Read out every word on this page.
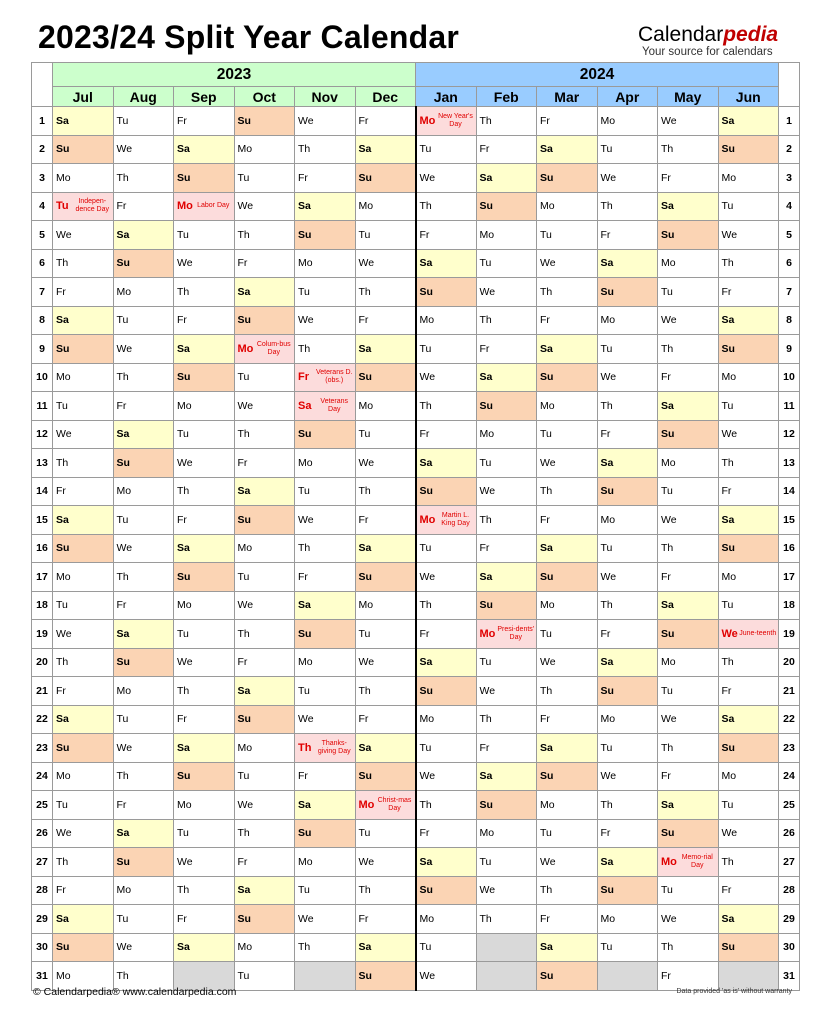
2023/24 Split Year Calendar	Calendarpedia
Your source for calendars
	2023						2024						
	Jul	Aug	Sep	Oct	Nov	Dec	Jan	Feb	Mar	Apr	May	Jun	
1	Sa	Tu	Fr	Su	We	Fr	Mo New Year's Day	Th	Fr	Mo	We	Sa	1
2	Su	We	Sa	Mo	Th	Sa	Tu	Fr	Sa	Tu	Th	Su	2
3	Mo	Th	Su	Tu	Fr	Su	We	Sa	Su	We	Fr	Mo	3
4	Tu Indepen-dence Day	Fr	Mo Labor Day	We	Sa	Mo	Th	Su	Mo	Th	Sa	Tu	4
5	We	Sa	Tu	Th	Su	Tu	Fr	Mo	Tu	Fr	Su	We	5
6	Th	Su	We	Fr	Mo	We	Sa	Tu	We	Sa	Mo	Th	6
7	Fr	Mo	Th	Sa	Tu	Th	Su	We	Th	Su	Tu	Fr	7
8	Sa	Tu	Fr	Su	We	Fr	Mo	Th	Fr	Mo	We	Sa	8
9	Su	We	Sa	Mo Colum-bus Day	Th	Sa	Tu	Fr	Sa	Tu	Th	Su	9
10	Mo	Th	Su	Tu	Fr Veterans D. (obs.)	Su	We	Sa	Su	We	Fr	Mo	10
11	Tu	Fr	Mo	We	Sa Veterans Day	Mo	Th	Su	Mo	Th	Sa	Tu	11
12	We	Sa	Tu	Th	Su	Tu	Fr	Mo	Tu	Fr	Su	We	12
13	Th	Su	We	Fr	Mo	We	Sa	Tu	We	Sa	Mo	Th	13
14	Fr	Mo	Th	Sa	Tu	Th	Su	We	Th	Su	Tu	Fr	14
15	Sa	Tu	Fr	Su	We	Fr	Mo Martin L. King Day	Th	Fr	Mo	We	Sa	15
16	Su	We	Sa	Mo	Th	Sa	Tu	Fr	Sa	Tu	Th	Su	16
17	Mo	Th	Su	Tu	Fr	Su	We	Sa	Su	We	Fr	Mo	17
18	Tu	Fr	Mo	We	Sa	Mo	Th	Su	Mo	Th	Sa	Tu	18
19	We	Sa	Tu	Th	Su	Tu	Fr	Mo Presi-dents' Day	Tu	Fr	Su	We June-teenth	19
20	Th	Su	We	Fr	Mo	We	Sa	Tu	We	Sa	Mo	Th	20
21	Fr	Mo	Th	Sa	Tu	Th	Su	We	Th	Su	Tu	Fr	21
22	Sa	Tu	Fr	Su	We	Fr	Mo	Th	Fr	Mo	We	Sa	22
23	Su	We	Sa	Mo	Th Thanks-giving Day	Sa	Tu	Fr	Sa	Tu	Th	Su	23
24	Mo	Th	Su	Tu	Fr	Su	We	Sa	Su	We	Fr	Mo	24
25	Tu	Fr	Mo	We	Sa	Mo Christ-mas Day	Th	Su	Mo	Th	Sa	Tu	25
26	We	Sa	Tu	Th	Su	Tu	Fr	Mo	Tu	Fr	Su	We	26
27	Th	Su	We	Fr	Mo	We	Sa	Tu	We	Sa	Mo Memo-rial Day	Th	27
28	Fr	Mo	Th	Sa	Tu	Th	Su	We	Th	Su	Tu	Fr	28
29	Sa	Tu	Fr	Su	We	Fr	Mo	Th	Fr	Mo	We	Sa	29
30	Su	We	Sa	Mo	Th	Sa	Tu		Sa	Tu	Th	Su	30
31	Mo	Th		Tu		Su	We		Su		Fr		31
© Calendarpedia® www.calendarpedia.com	Data provided 'as is' without warranty
